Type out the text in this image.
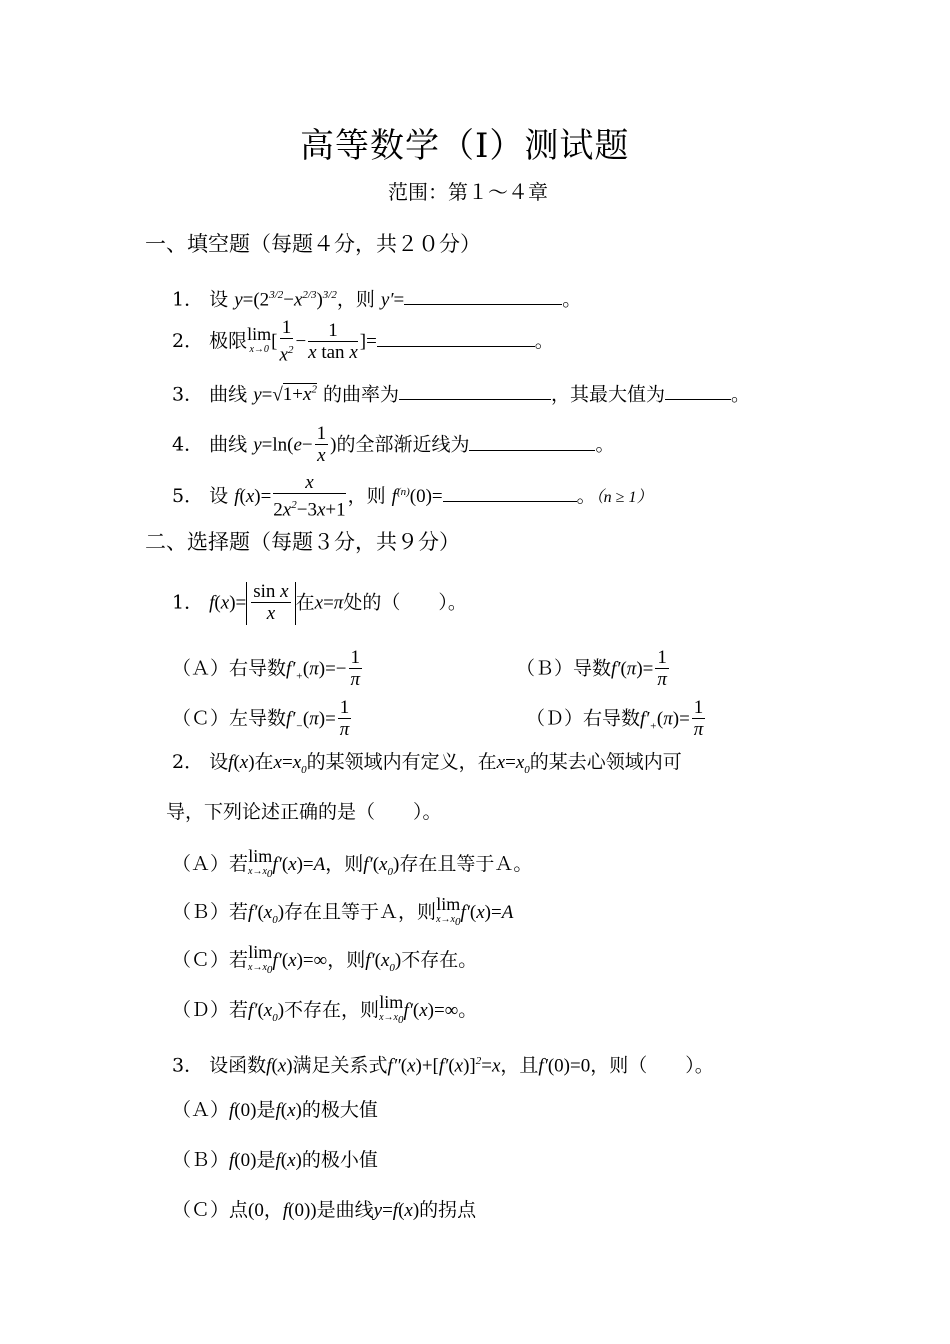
高等数学（Ⅰ）测试题
范围：第１～４章
一、填空题（每题４分，共２０分）
1． 设 $y=(2^{3/2}-x^{2/3})^{3/2}$，则 y′=	。
2． 极限 lim
x→0 [ $\frac{1}{x^2} - \frac{1}{\text{x tan x}}$ ]=	。
3． 曲线 $y=√1+x^2$ 的曲率为	，其最大值为	。
4． 曲线 $y=\ln(e- \frac{1}{x}$ )的全部渐近线为	。
5． 设 $f(x)= \frac{x}{2x^2-3x+1}$ ，则 $f^{(n)}(0)=$	。（n ≥ 1）
二、选择题（每题３分，共９分）
1． $f(x)= \frac{\text{sin x}}{x}$ 在x=π处的（　　）。
（Ａ）右导数$f'_+(\pi)=- \frac{1}{\pi}$	（Ｂ）导数$f'(\pi)= \frac{1}{\pi}$
（Ｃ）左导数$f'_-(\pi)= \frac{1}{\pi}$	（Ｄ）右导数$f'_+(\pi)= \frac{1}{\pi}$
2． 设f(x)在$x=x_0$的某领域内有定义，在$x=x_0$的某去心领域内可
导，下列论述正确的是（　　）。
（Ａ）若 lim
x→x0 f′(x)=A，则$f'(x_0)$存在且等于Ａ。
（Ｂ）若$f'(x_0)$存在且等于Ａ，则 lim
x→x0 f′(x)=A
（Ｃ）若 lim
x→x0 f′(x)=∞，则$f'(x_0)$不存在。
（Ｄ）若$f'(x_0)$不存在，则 lim
x→x0 f′(x)=∞。
3． 设函数f(x)满足关系式$f''(x)+[f'(x)]^2=x$，且f′(0)=0，则（　　）。
（Ａ）f(0)是f(x)的极大值
（Ｂ）f(0)是f(x)的极小值
（Ｃ）点(0，f(0))是曲线y=f(x)的拐点
